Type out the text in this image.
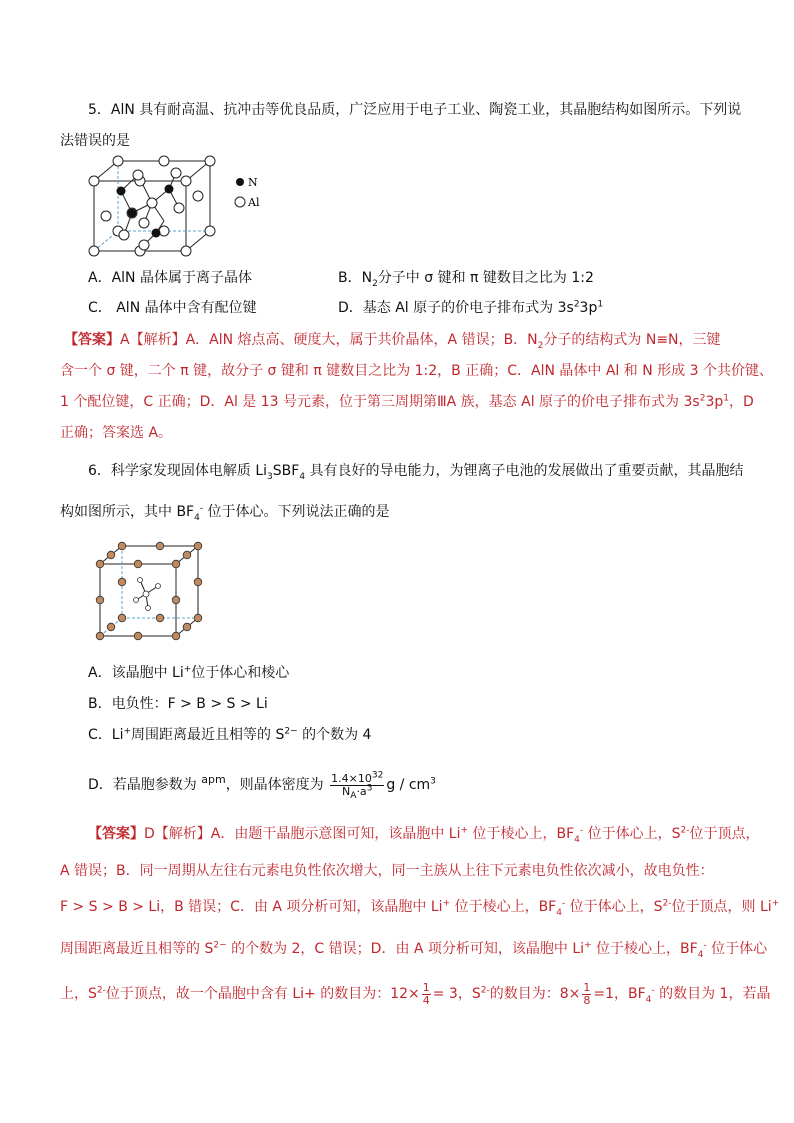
5．AlN 具有耐高温、抗冲击等优良品质，广泛应用于电子工业、陶瓷工业，其晶胞结构如图所示。下列说
法错误的是
N
Al
A．AlN 晶体属于离子晶体	B．$N_2$分子中 σ 键和 π 键数目之比为 1:2
C． AlN 晶体中含有配位键	D．基态 Al 原子的价电子排布式为 $3s^23p^1$
【答案】A【解析】A．AlN 熔点高、硬度大，属于共价晶体，A 错误；B．$N_2$分子的结构式为 N≡N，三键
含一个 σ 键，二个 π 键，故分子 σ 键和 π 键数目之比为 1:2，B 正确；C．AlN 晶体中 Al 和 N 形成 3 个共价键、
1 个配位键，C 正确；D．Al 是 13 号元素，位于第三周期第ⅢA 族，基态 Al 原子的价电子排布式为 $3s^23p^1$，D
正确；答案选 A。
6．科学家发现固体电解质 $Li_3SBF_4$ 具有良好的导电能力，为锂离子电池的发展做出了重要贡献，其晶胞结
构如图所示，其中 $BF_4^-$ 位于体心。下列说法正确的是
A．该晶胞中 Li+位于体心和棱心
B．电负性：F > B > S > Li
C．Li+周围距离最近且相等的 $S^{2-}$ 的个数为 4
D．若晶胞参数为 $^{apm}$，则晶体密度为 $\frac{1.4\times 10^{32}}{N_A\cdot a^3}$ g / $cm^3$
【答案】D【解析】A．由题干晶胞示意图可知，该晶胞中 Li+ 位于棱心上，$BF_4^-$ 位于体心上，$S^{2-}$位于顶点，
A 错误；B．同一周期从左往右元素电负性依次增大，同一主族从上往下元素电负性依次减小，故电负性：
F > S > B > Li，B 错误；C．由 A 项分析可知，该晶胞中 Li+ 位于棱心上，$BF_4^-$ 位于体心上，$S^{2-}$位于顶点，则 Li+
周围距离最近且相等的 $S^{2-}$ 的个数为 2，C 错误；D．由 A 项分析可知，该晶胞中 Li+ 位于棱心上，$BF_4^-$ 位于体心
上，$S^{2-}$位于顶点，故一个晶胞中含有 Li+ 的数目为：$12\times \frac{1}{4} = 3$，$S^{2-}$的数目为：$8\times \frac{1}{8} =1$，$BF_4^-$ 的数目为 1，若晶
